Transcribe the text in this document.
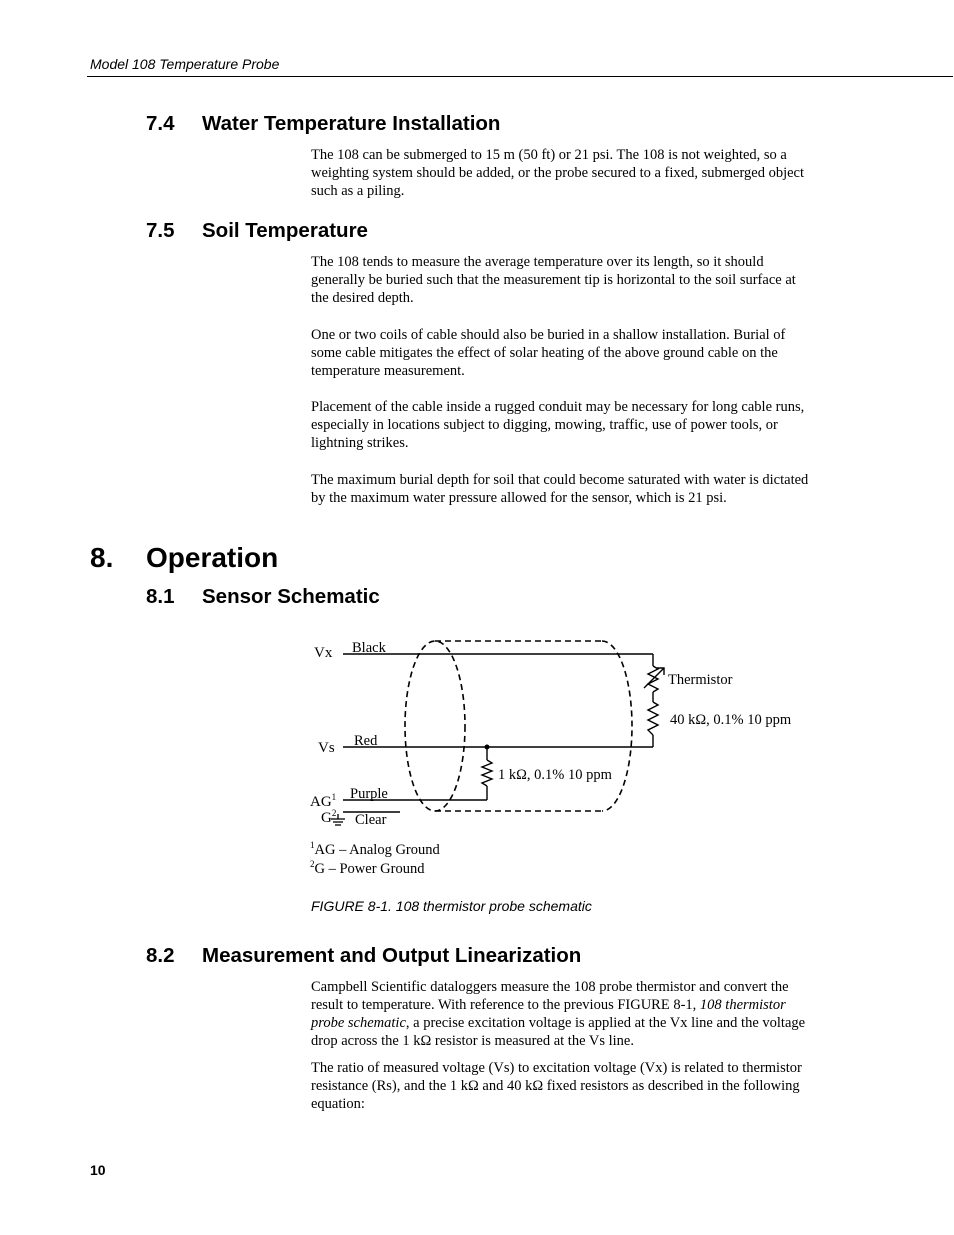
Model 108 Temperature Probe
7.4 Water Temperature Installation

The 108 can be submerged to 15 m (50 ft) or 21 psi. The 108 is not weighted, so a weighting system should be added, or the probe secured to a fixed, submerged object such as a piling.

7.5 Soil Temperature

The 108 tends to measure the average temperature over its length, so it should generally be buried such that the measurement tip is horizontal to the soil surface at the desired depth.

One or two coils of cable should also be buried in a shallow installation. Burial of some cable mitigates the effect of solar heating of the above ground cable on the temperature measurement.

Placement of the cable inside a rugged conduit may be necessary for long cable runs, especially in locations subject to digging, mowing, traffic, use of power tools, or lightning strikes.

The maximum burial depth for soil that could become saturated with water is dictated by the maximum water pressure allowed for the sensor, which is 21 psi.

8. Operation
8.1 Sensor Schematic
Vx Black
Vs Red
$AG^1$ Purple
$G^2$ Clear
Thermistor
40 kΩ, 0.1% 10 ppm
1 kΩ, 0.1% 10 ppm
$^1$AG – Analog Ground
$^2$G – Power Ground

FIGURE 8-1. 108 thermistor probe schematic

8.2 Measurement and Output Linearization

Campbell Scientific dataloggers measure the 108 probe thermistor and convert the result to temperature. With reference to the previous FIGURE 8-1, 108 thermistor probe schematic, a precise excitation voltage is applied at the Vx line and the voltage drop across the 1 kΩ resistor is measured at the Vs line.

The ratio of measured voltage (Vs) to excitation voltage (Vx) is related to thermistor resistance (Rs), and the 1 kΩ and 40 kΩ fixed resistors as described in the following equation:

10
